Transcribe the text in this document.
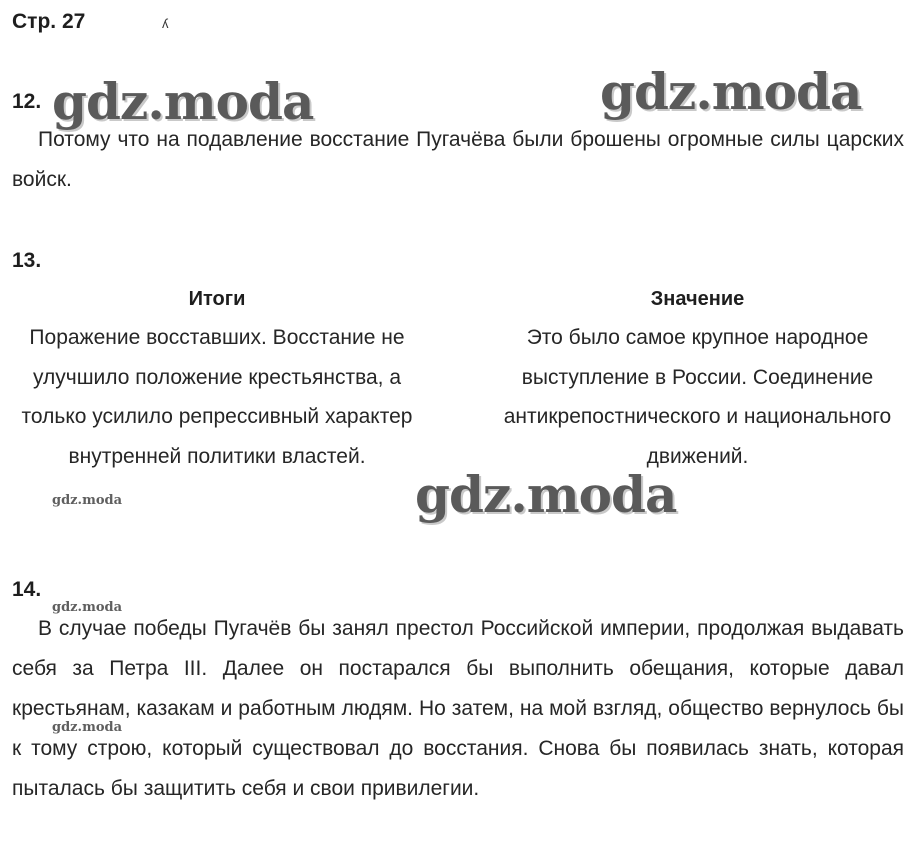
Стр. 27	ʎ
12.

Потому что на подавление восстание Пугачёва были брошены огромные силы царских войск.

13.
Итоги

Поражение восставших. Восстание не улучшило положение крестьянства, а только усилило репрессивный характер внутренней политики властей.

Значение

Это было самое крупное народное выступление в России. Соединение антикрепостнического и национального движений.

14.

В случае победы Пугачёв бы занял престол Российской империи, продолжая выдавать себя за Петра III. Далее он постарался бы выполнить обещания, которые давал крестьянам, казакам и работным людям. Но затем, на мой взгляд, общество вернулось бы к тому строю, который существовал до восстания. Снова бы появилась знать, которая пыталась бы защитить себя и свои привилегии.

gdz.moda	gdz.moda
gdz.moda
gdz.moda
gdz.moda
gdz.moda
